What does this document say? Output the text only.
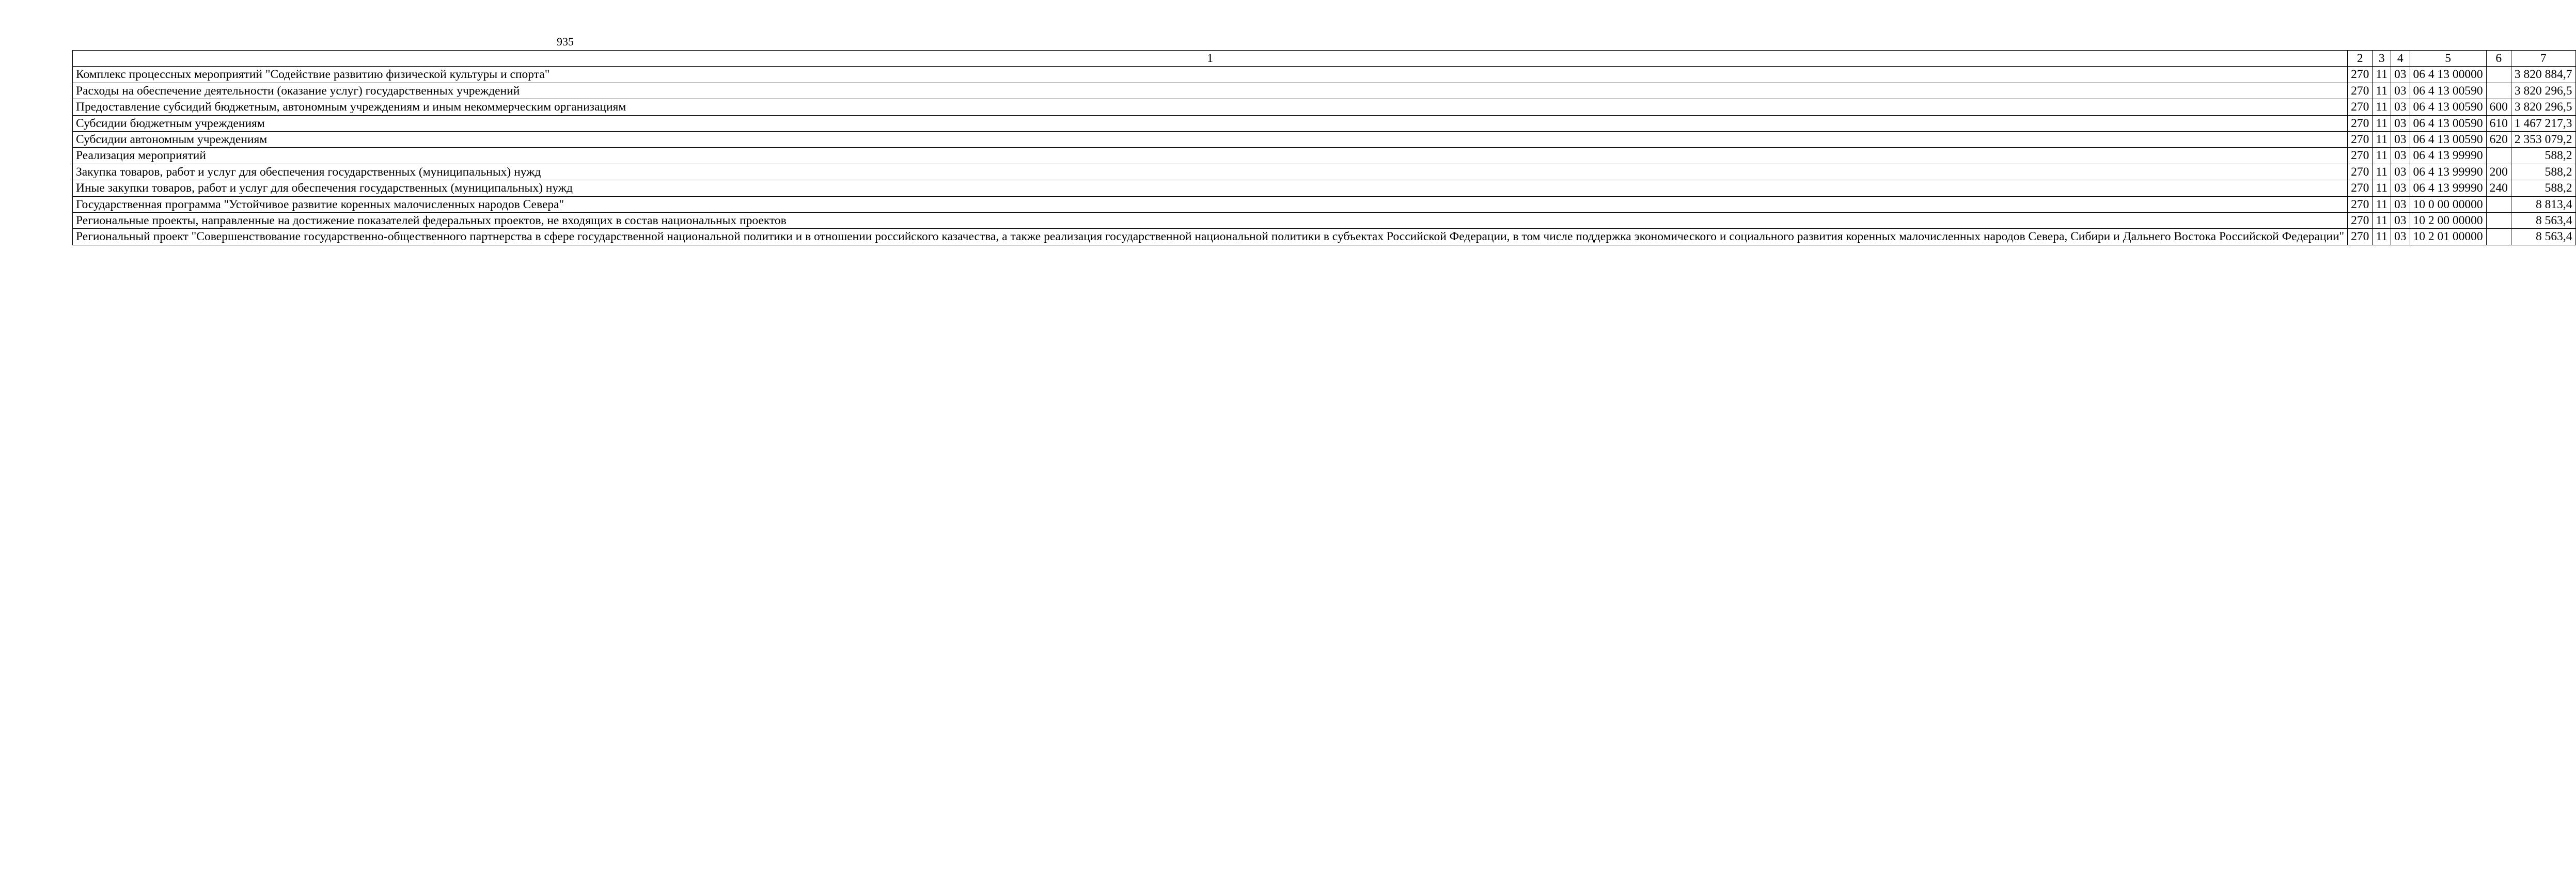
935
1	2	3	4	5	6	7
Комплекс процессных мероприятий "Содействие развитию физической культуры и спорта"	270	11	03	06 4 13 00000		3 820 884,7
Расходы на обеспечение деятельности (оказание услуг) государственных учреждений	270	11	03	06 4 13 00590		3 820 296,5
Предоставление субсидий бюджетным, автономным учреждениям и иным некоммерческим организациям	270	11	03	06 4 13 00590	600	3 820 296,5
Субсидии бюджетным учреждениям	270	11	03	06 4 13 00590	610	1 467 217,3
Субсидии автономным учреждениям	270	11	03	06 4 13 00590	620	2 353 079,2
Реализация мероприятий	270	11	03	06 4 13 99990		588,2
Закупка товаров, работ и услуг для обеспечения государственных (муниципальных) нужд	270	11	03	06 4 13 99990	200	588,2
Иные закупки товаров, работ и услуг для обеспечения государственных (муниципальных) нужд	270	11	03	06 4 13 99990	240	588,2
Государственная программа "Устойчивое развитие коренных малочисленных народов Севера"	270	11	03	10 0 00 00000		8 813,4
Региональные проекты, направленные на достижение показателей федеральных проектов, не входящих в состав национальных проектов	270	11	03	10 2 00 00000		8 563,4
Региональный проект "Совершенствование государственно-общественного партнерства в сфере государственной национальной политики и в отношении российского казачества, а также реализация государственной национальной политики в субъектах Российской Федерации, в том числе поддержка экономического и социального развития коренных малочисленных народов Севера, Сибири и Дальнего Востока Российской Федерации"	270	11	03	10 2 01 00000		8 563,4
